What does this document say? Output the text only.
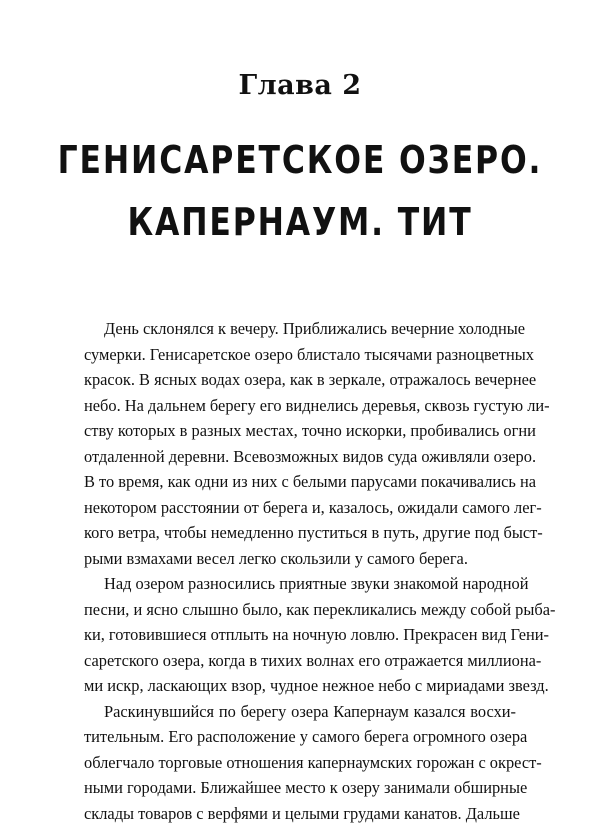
Глава 2
ГЕНИСАРЕТСКОЕ ОЗЕРО.
КАПЕРНАУМ. ТИТ
День склонялся к вечеру. Приближались вечерние холодные
сумерки. Генисаретское озеро блистало тысячами разноцветных
красок. В ясных водах озера, как в зеркале, отражалось вечернее
небо. На дальнем берегу его виднелись деревья, сквозь густую ли-
ству которых в разных местах, точно искорки, пробивались огни
отдаленной деревни. Всевозможных видов суда оживляли озеро.
В то время, как одни из них с белыми парусами покачивались на
некотором расстоянии от берега и, казалось, ожидали самого лег-
кого ветра, чтобы немедленно пуститься в путь, другие под быст-
рыми взмахами весел легко скользили у самого берега.
Над озером разносились приятные звуки знакомой народной
песни, и ясно слышно было, как перекликались между собой рыба-
ки, готовившиеся отплыть на ночную ловлю. Прекрасен вид Гени-
саретского озера, когда в тихих волнах его отражается миллиона-
ми искр, ласкающих взор, чудное нежное небо с мириадами звезд.
Раскинувшийся по берегу озера Капернаум казался восхи-
тительным. Его расположение у самого берега огромного озера
облегчало торговые отношения капернаумских горожан с окрест-
ными городами. Ближайшее место к озеру занимали обширные
склады товаров с верфями и целыми грудами канатов. Дальше
